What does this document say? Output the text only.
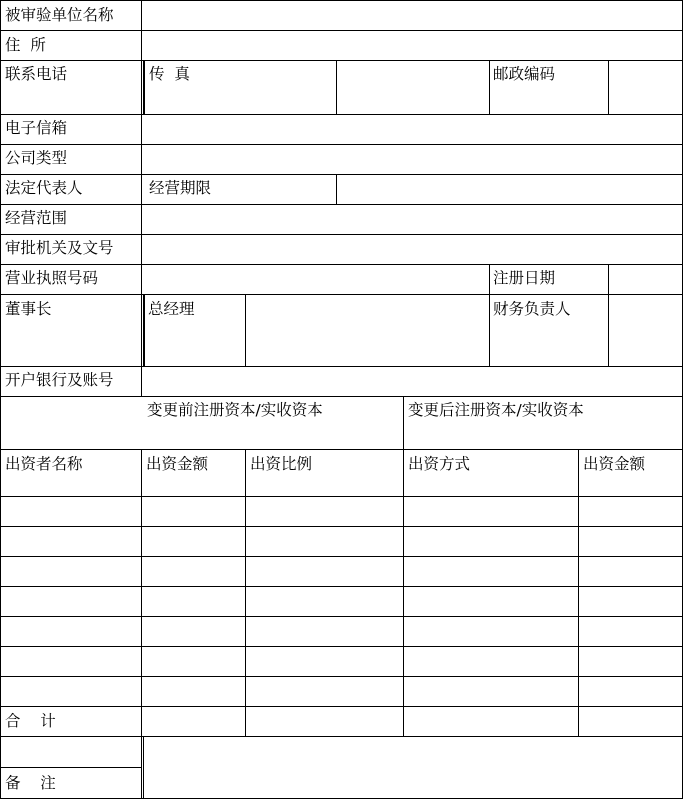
被审验单位名称
住  所
联系电话	传  真	邮政编码
电子信箱
公司类型
法定代表人	经营期限
经营范围
审批机关及文号
营业执照号码	注册日期
董事长	总经理	财务负责人
开户银行及账号
变更前注册资本/实收资本	变更后注册资本/实收资本
出资者名称	出资金额	出资比例	出资方式	出资金额
合    计
备    注
